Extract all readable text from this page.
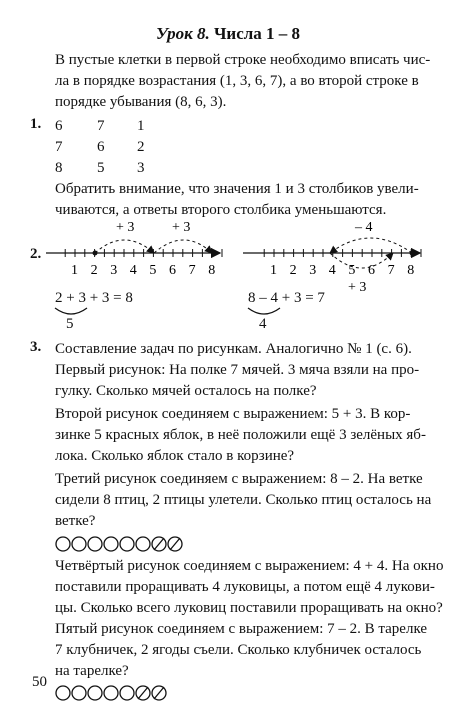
Урок 8. Числа 1 – 8
В пустые клетки в первой строке необходимо вписать чис-
ла в порядке возрастания (1, 3, 6, 7), а во второй строке в
порядке убывания (8, 6, 3).
1. 6 7 1
7 6 2
8 5 3
Обратить внимание, что значения 1 и 3 столбиков увели-
чиваются, а ответы второго столбика уменьшаются.
2.
1 2 3 4 5 6 7 8
+ 3	+ 3
1 2 3 4 5 6 7 8
– 4
+ 3
2 + 3 + 3 = 8
5
8 – 4 + 3 = 7
4
3. Составление задач по рисункам. Аналогично № 1 (с. 6).
Первый рисунок: На полке 7 мячей. 3 мяча взяли на про-
гулку. Сколько мячей осталось на полке?
Второй рисунок соединяем с выражением: 5 + 3. В кор-
зинке 5 красных яблок, в неё положили ещё 3 зелёных яб-
лока. Сколько яблок стало в корзине?
Третий рисунок соединяем с выражением: 8 – 2. На ветке
сидели 8 птиц, 2 птицы улетели. Сколько птиц осталось на
ветке?
Четвёртый рисунок соединяем с выражением: 4 + 4. На окно
поставили проращивать 4 луковицы, а потом ещё 4 лукови-
цы. Сколько всего луковиц поставили проращивать на окно?
Пятый рисунок соединяем с выражением: 7 – 2. В тарелке
7 клубничек, 2 ягоды съели. Сколько клубничек осталось
на тарелке?
50
